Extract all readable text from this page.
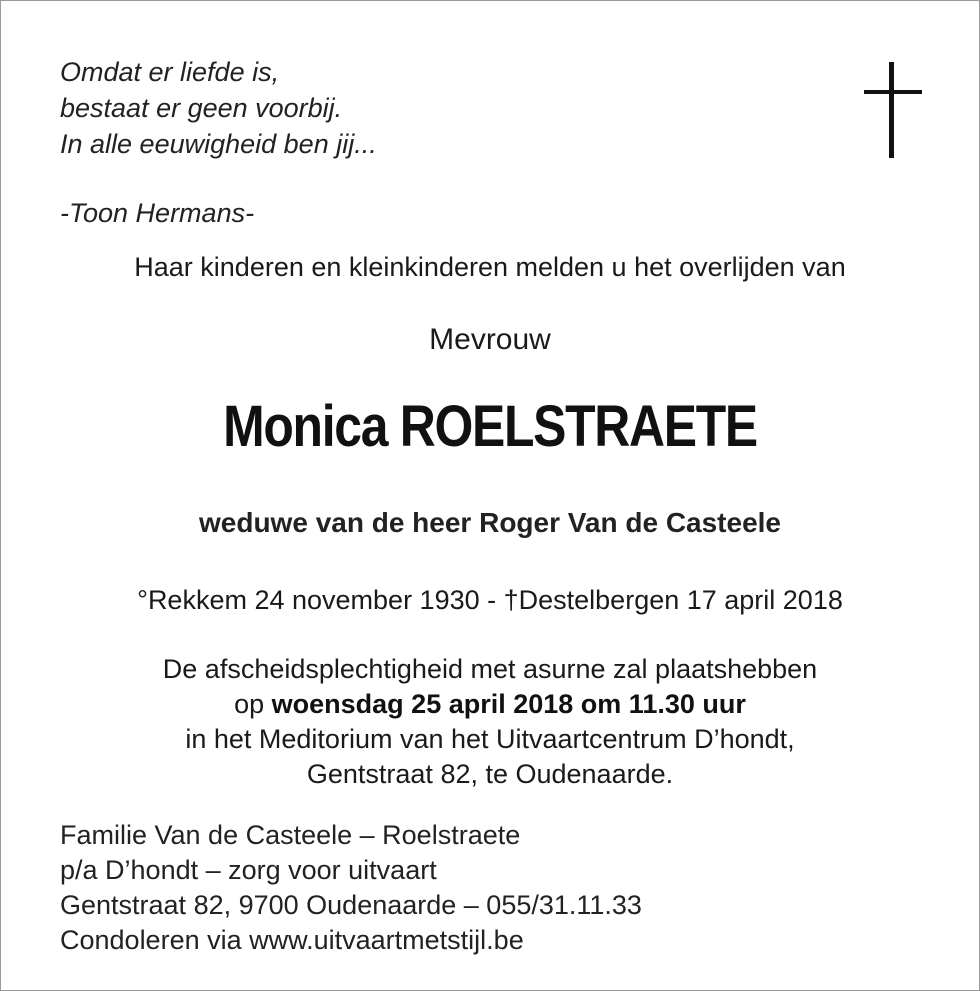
Omdat er liefde is,
bestaat er geen voorbij.
In alle eeuwigheid ben jij...
-Toon Hermans-
Haar kinderen en kleinkinderen melden u het overlijden van
Mevrouw
Monica ROELSTRAETE
weduwe van de heer Roger Van de Casteele
°Rekkem 24 november 1930 - †Destelbergen 17 april 2018
De afscheidsplechtigheid met asurne zal plaatshebben
op woensdag 25 april 2018 om 11.30 uur
in het Meditorium van het Uitvaartcentrum D’hondt,
Gentstraat 82, te Oudenaarde.
Familie Van de Casteele – Roelstraete
p/a D’hondt – zorg voor uitvaart
Gentstraat 82, 9700 Oudenaarde – 055/31.11.33
Condoleren via www.uitvaartmetstijl.be
